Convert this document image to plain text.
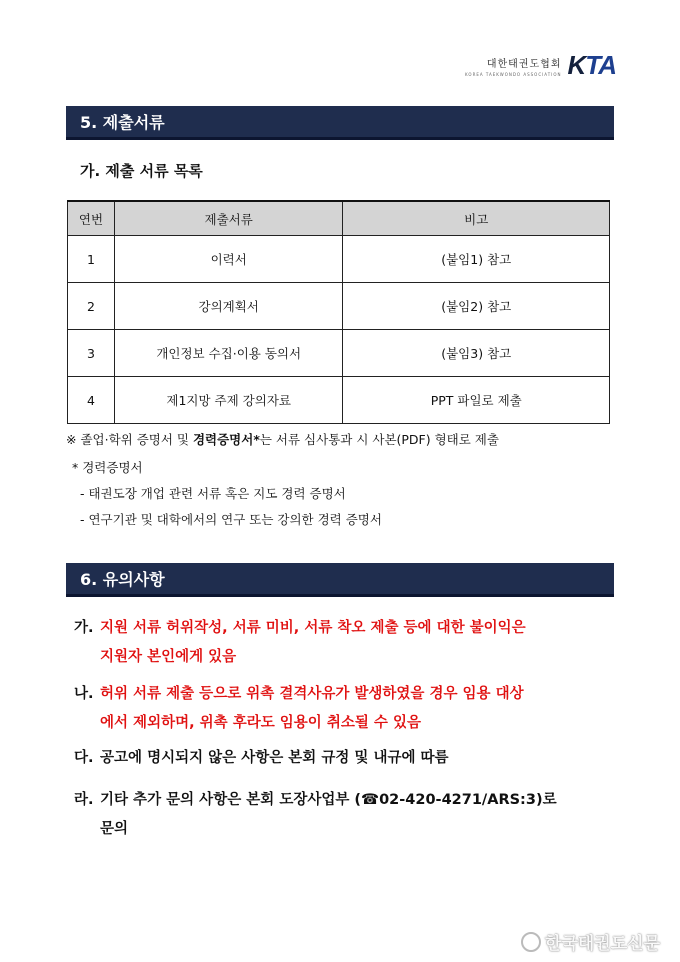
대한태권도협회
KOREA TAEKWONDO ASSOCIATION KTA
5. 제출서류
가. 제출 서류 목록
연번	제출서류	비고
1	이력서	(붙임1) 참고
2	강의계획서	(붙임2) 참고
3	개인정보 수집·이용 동의서	(붙임3) 참고
4	제1지망 주제 강의자료	PPT 파일로 제출
※ 졸업·학위 증명서 및 경력증명서*는 서류 심사통과 시 사본(PDF) 형태로 제출
* 경력증명서
- 태권도장 개업 관련 서류 혹은 지도 경력 증명서
- 연구기관 및 대학에서의 연구 또는 강의한 경력 증명서
6. 유의사항
가. 지원 서류 허위작성, 서류 미비, 서류 착오 제출 등에 대한 불이익은
지원자 본인에게 있음
나. 허위 서류 제출 등으로 위촉 결격사유가 발생하였을 경우 임용 대상
에서 제외하며, 위촉 후라도 임용이 취소될 수 있음
다. 공고에 명시되지 않은 사항은 본회 규정 및 내규에 따름
라. 기타 추가 문의 사항은 본회 도장사업부 (☎02-420-4271/ARS:3)로
문의
한국태권도신문
